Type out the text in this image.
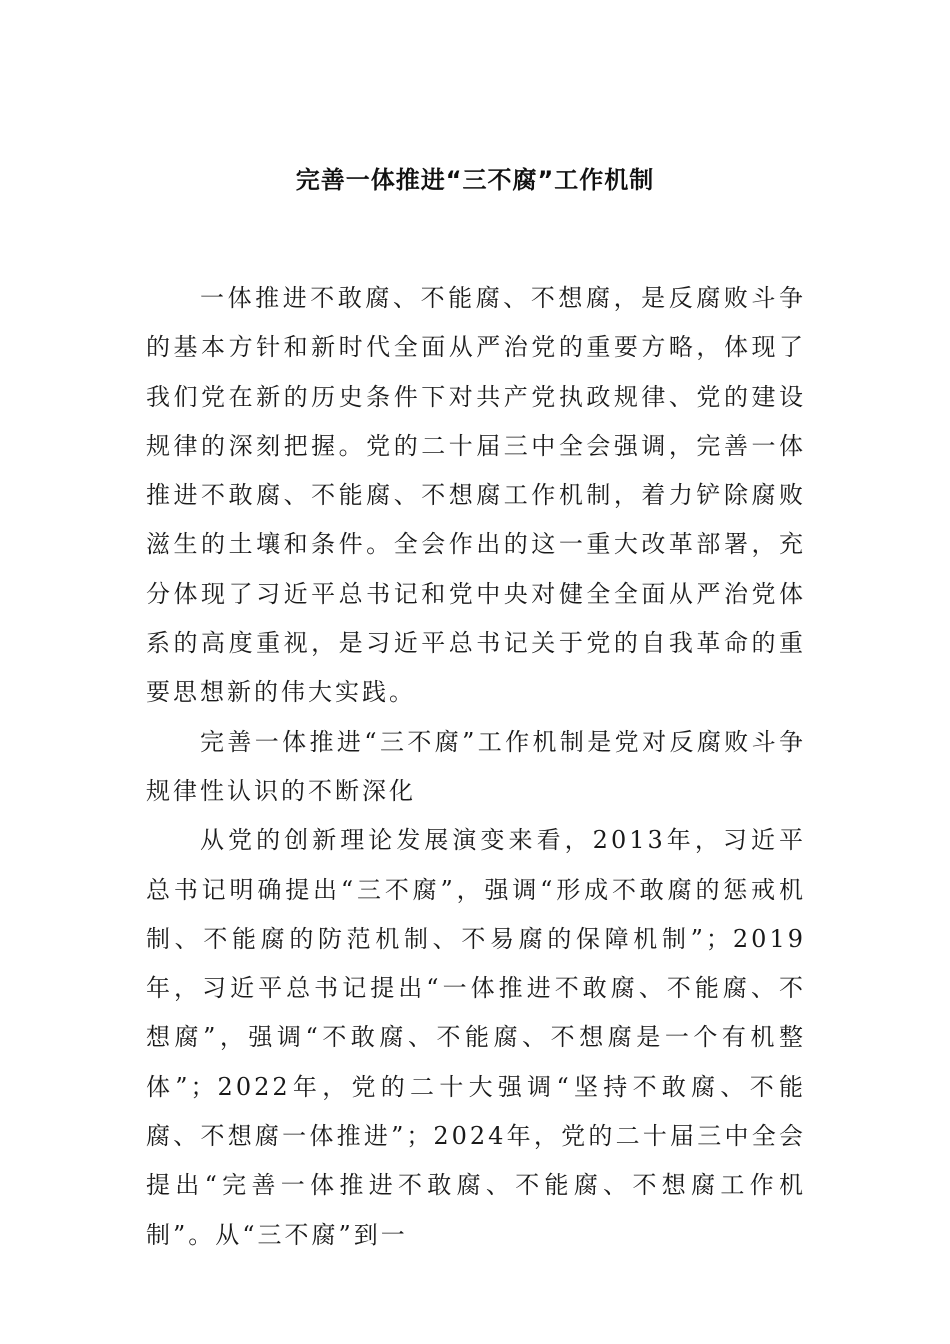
完善一体推进“三不腐”工作机制

一体推进不敢腐、不能腐、不想腐，是反腐败斗争的基本方针和新时代全面从严治党的重要方略，体现了我们党在新的历史条件下对共产党执政规律、党的建设规律的深刻把握。党的二十届三中全会强调，完善一体推进不敢腐、不能腐、不想腐工作机制，着力铲除腐败滋生的土壤和条件。全会作出的这一重大改革部署，充分体现了习近平总书记和党中央对健全全面从严治党体系的高度重视，是习近平总书记关于党的自我革命的重要思想新的伟大实践。

完善一体推进“三不腐”工作机制是党对反腐败斗争规律性认识的不断深化

从党的创新理论发展演变来看，2013年，习近平总书记明确提出“三不腐”，强调“形成不敢腐的惩戒机制、不能腐的防范机制、不易腐的保障机制”；2019年，习近平总书记提出“一体推进不敢腐、不能腐、不想腐”，强调“不敢腐、不能腐、不想腐是一个有机整体”；2022年，党的二十大强调“坚持不敢腐、不能腐、不想腐一体推进”；2024年，党的二十届三中全会提出“完善一体推进不敢腐、不能腐、不想腐工作机制”。从“三不腐”到一
